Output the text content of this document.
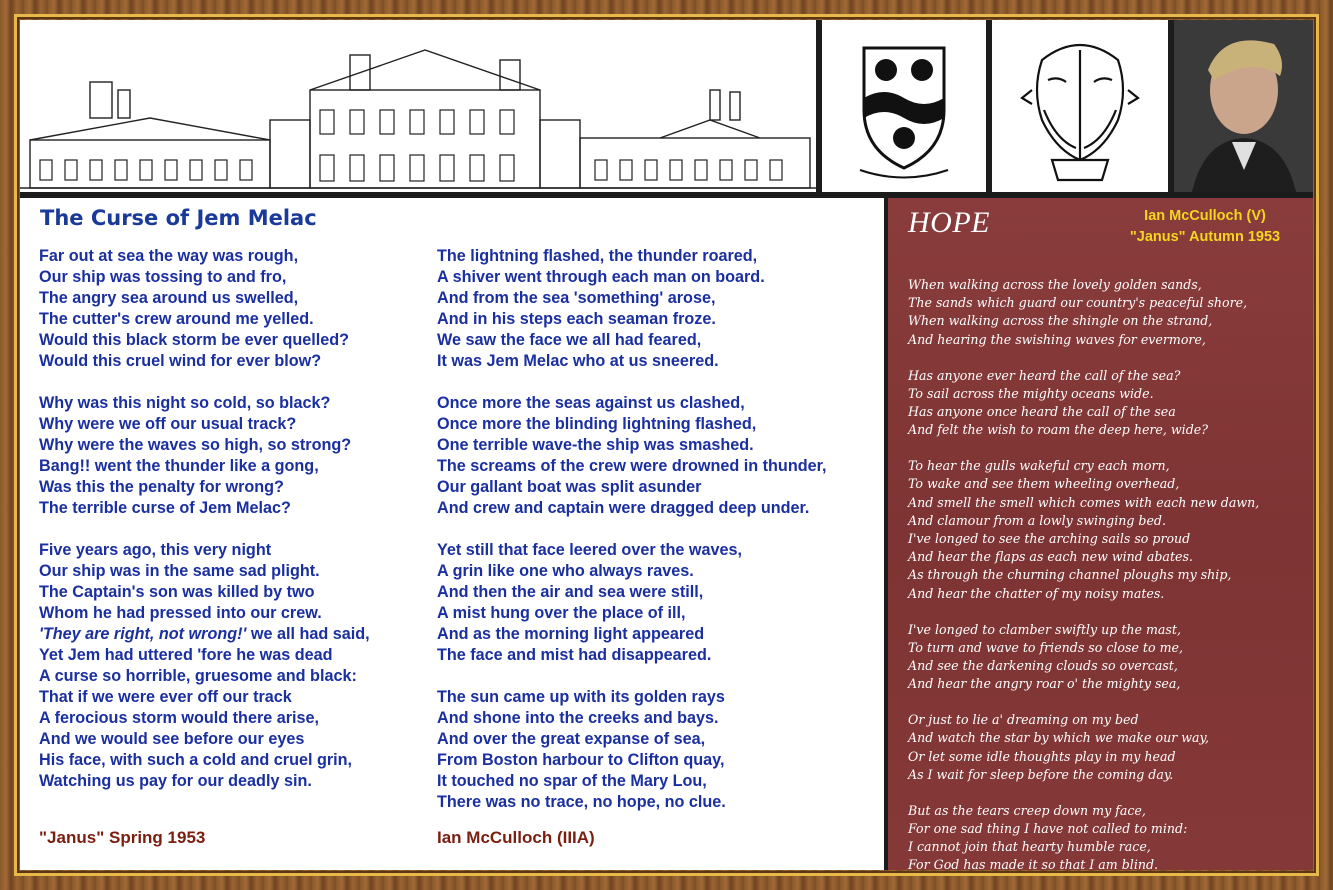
The Curse of Jem Melac
Far out at sea the way was rough,
Our ship was tossing to and fro,
The angry sea around us swelled,
The cutter's crew around me yelled.
Would this black storm be ever quelled?
Would this cruel wind for ever blow?
Why was this night so cold, so black?
Why were we off our usual track?
Why were the waves so high, so strong?
Bang!! went the thunder like a gong,
Was this the penalty for wrong?
The terrible curse of Jem Melac?
Five years ago, this very night
Our ship was in the same sad plight.
The Captain's son was killed by two
Whom he had pressed into our crew.
'They are right, not wrong!' we all had said,
Yet Jem had uttered 'fore he was dead
A curse so horrible, gruesome and black:
That if we were ever off our track
A ferocious storm would there arise,
And we would see before our eyes
His face, with such a cold and cruel grin,
Watching us pay for our deadly sin.
The lightning flashed, the thunder roared,
A shiver went through each man on board.
And from the sea 'something' arose,
And in his steps each seaman froze.
We saw the face we all had feared,
It was Jem Melac who at us sneered.
Once more the seas against us clashed,
Once more the blinding lightning flashed,
One terrible wave-the ship was smashed.
The screams of the crew were drowned in thunder,
Our gallant boat was split asunder
And crew and captain were dragged deep under.
Yet still that face leered over the waves,
A grin like one who always raves.
And then the air and sea were still,
A mist hung over the place of ill,
And as the morning light appeared
The face and mist had disappeared.
The sun came up with its golden rays
And shone into the creeks and bays.
And over the great expanse of sea,
From Boston harbour to Clifton quay,
It touched no spar of the Mary Lou,
There was no trace, no hope, no clue.
"Janus" Spring 1953	Ian McCulloch (IIIA)
HOPE	Ian McCulloch (V)
"Janus" Autumn 1953
When walking across the lovely golden sands,
The sands which guard our country's peaceful shore,
When walking across the shingle on the strand,
And hearing the swishing waves for evermore,
Has anyone ever heard the call of the sea?
To sail across the mighty oceans wide.
Has anyone once heard the call of the sea
And felt the wish to roam the deep here, wide?
To hear the gulls wakeful cry each morn,
To wake and see them wheeling overhead,
And smell the smell which comes with each new dawn,
And clamour from a lowly swinging bed.
I've longed to see the arching sails so proud
And hear the flaps as each new wind abates.
As through the churning channel ploughs my ship,
And hear the chatter of my noisy mates.
I've longed to clamber swiftly up the mast,
To turn and wave to friends so close to me,
And see the darkening clouds so overcast,
And hear the angry roar o' the mighty sea,
Or just to lie a' dreaming on my bed
And watch the star by which we make our way,
Or let some idle thoughts play in my head
As I wait for sleep before the coming day.
But as the tears creep down my face,
For one sad thing I have not called to mind:
I cannot join that hearty humble race,
For God has made it so that I am blind.
